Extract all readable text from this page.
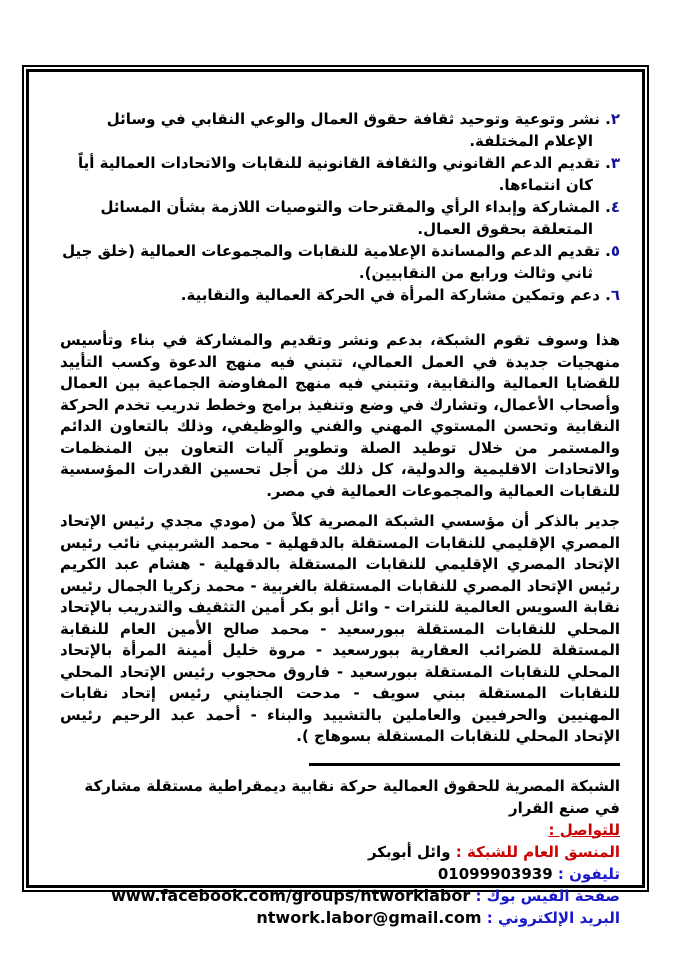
٢. نشر وتوعية وتوحيد ثقافة حقوق العمال والوعي النقابي في وسائل الإعلام المختلفة.
٣. تقديم الدعم القانوني والثقافة القانونية للنقابات والاتحادات العمالية أياً كان انتماءها.
٤. المشاركة وإبداء الرأي والمقترحات والتوصيات اللازمة بشأن المسائل المتعلقة بحقوق العمال.
٥. تقديم الدعم والمساندة الإعلامية للنقابات والمجموعات العمالية (خلق جيل ثاني وثالث ورابع من النقابيين).
٦. دعم وتمكين مشاركة المرأة في الحركة العمالية والنقابية.

هذا وسوف تقوم الشبكة، بدعم ونشر وتقديم والمشاركة في بناء وتأسيس منهجيات جديدة في العمل العمالي، تتبني فيه منهج الدعوة وكسب التأييد للقضايا العمالية والنقابية، وتتبني فيه منهج المفاوضة الجماعية بين العمال وأصحاب الأعمال، وتشارك في وضع وتنفيذ برامج وخطط تدريب تخدم الحركة النقابية وتحسن المستوي المهني والفني والوظيفي، وذلك بالتعاون الدائم والمستمر من خلال توطيد الصلة وتطوير آليات التعاون بين المنظمات والاتحادات الاقليمية والدولية، كل ذلك من أجل تحسين القدرات المؤسسية للنقابات العمالية والمجموعات العمالية في مصر.

جدير بالذكر أن مؤسسي الشبكة المصرية كلاً من (مودي مجدي رئيس الإتحاد المصري الإقليمي للنقابات المستقلة بالدقهلية - محمد الشربيني نائب رئيس الإتحاد المصري الإقليمي للنقابات المستقلة بالدقهلية - هشام عبد الكريم رئيس الإتحاد المصري للنقابات المستقلة بالغربية - محمد زكريا الجمال رئيس نقابة السويس العالمية للنترات - وائل أبو بكر أمين التثقيف والتدريب بالإتحاد المحلي للنقابات المستقلة ببورسعيد - محمد صالح الأمين العام للنقابة المستقلة للضرائب العقارية ببورسعيد - مروة خليل أمينة المرأة بالإتحاد المحلي للنقابات المستقلة ببورسعيد - فاروق محجوب رئيس الإتحاد المحلي للنقابات المستقلة ببني سويف - مدحت الجنايني رئيس إتحاد نقابات المهنيين والحرفيين والعاملين بالتشييد والبناء - أحمد عبد الرحيم رئيس الإتحاد المحلي للنقابات المستقلة بسوهاج ).

الشبكة المصرية للحقوق العمالية حركة نقابية ديمقراطية مستقلة مشاركة في صنع القرار

للتواصل :

المنسق العام للشبكة : وائل أبوبكر

تليفون : 01099903939

صفحة الفيس بوك : www.facebook.com/groups/ntworklabor

البريد الإلكتروني : ntwork.labor@gmail.com
